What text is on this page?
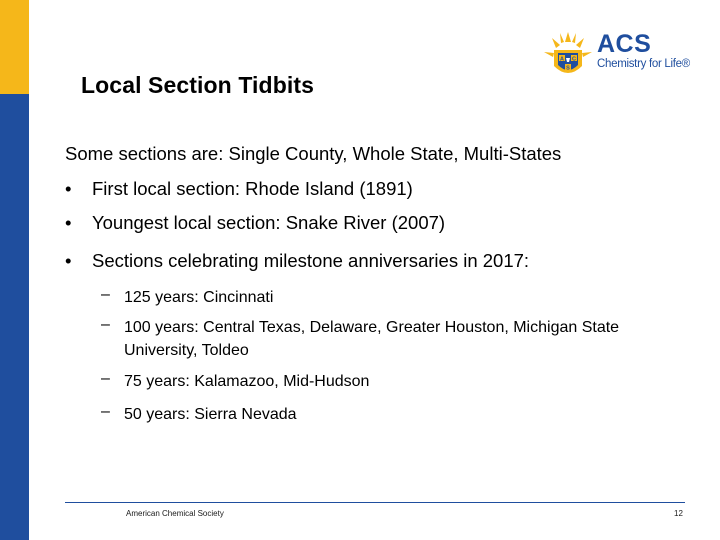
A C
S
ACS
Chemistry for Life®
Local Section Tidbits
Some sections are: Single County, Whole State, Multi-States
• First local section: Rhode Island (1891)
• Youngest local section: Snake River (2007)
• Sections celebrating milestone anniversaries in 2017:
– 125 years: Cincinnati
– 100 years: Central Texas, Delaware, Greater Houston, Michigan State University, Toldeo
– 75 years: Kalamazoo, Mid-Hudson
– 50 years: Sierra Nevada
American Chemical Society	12
